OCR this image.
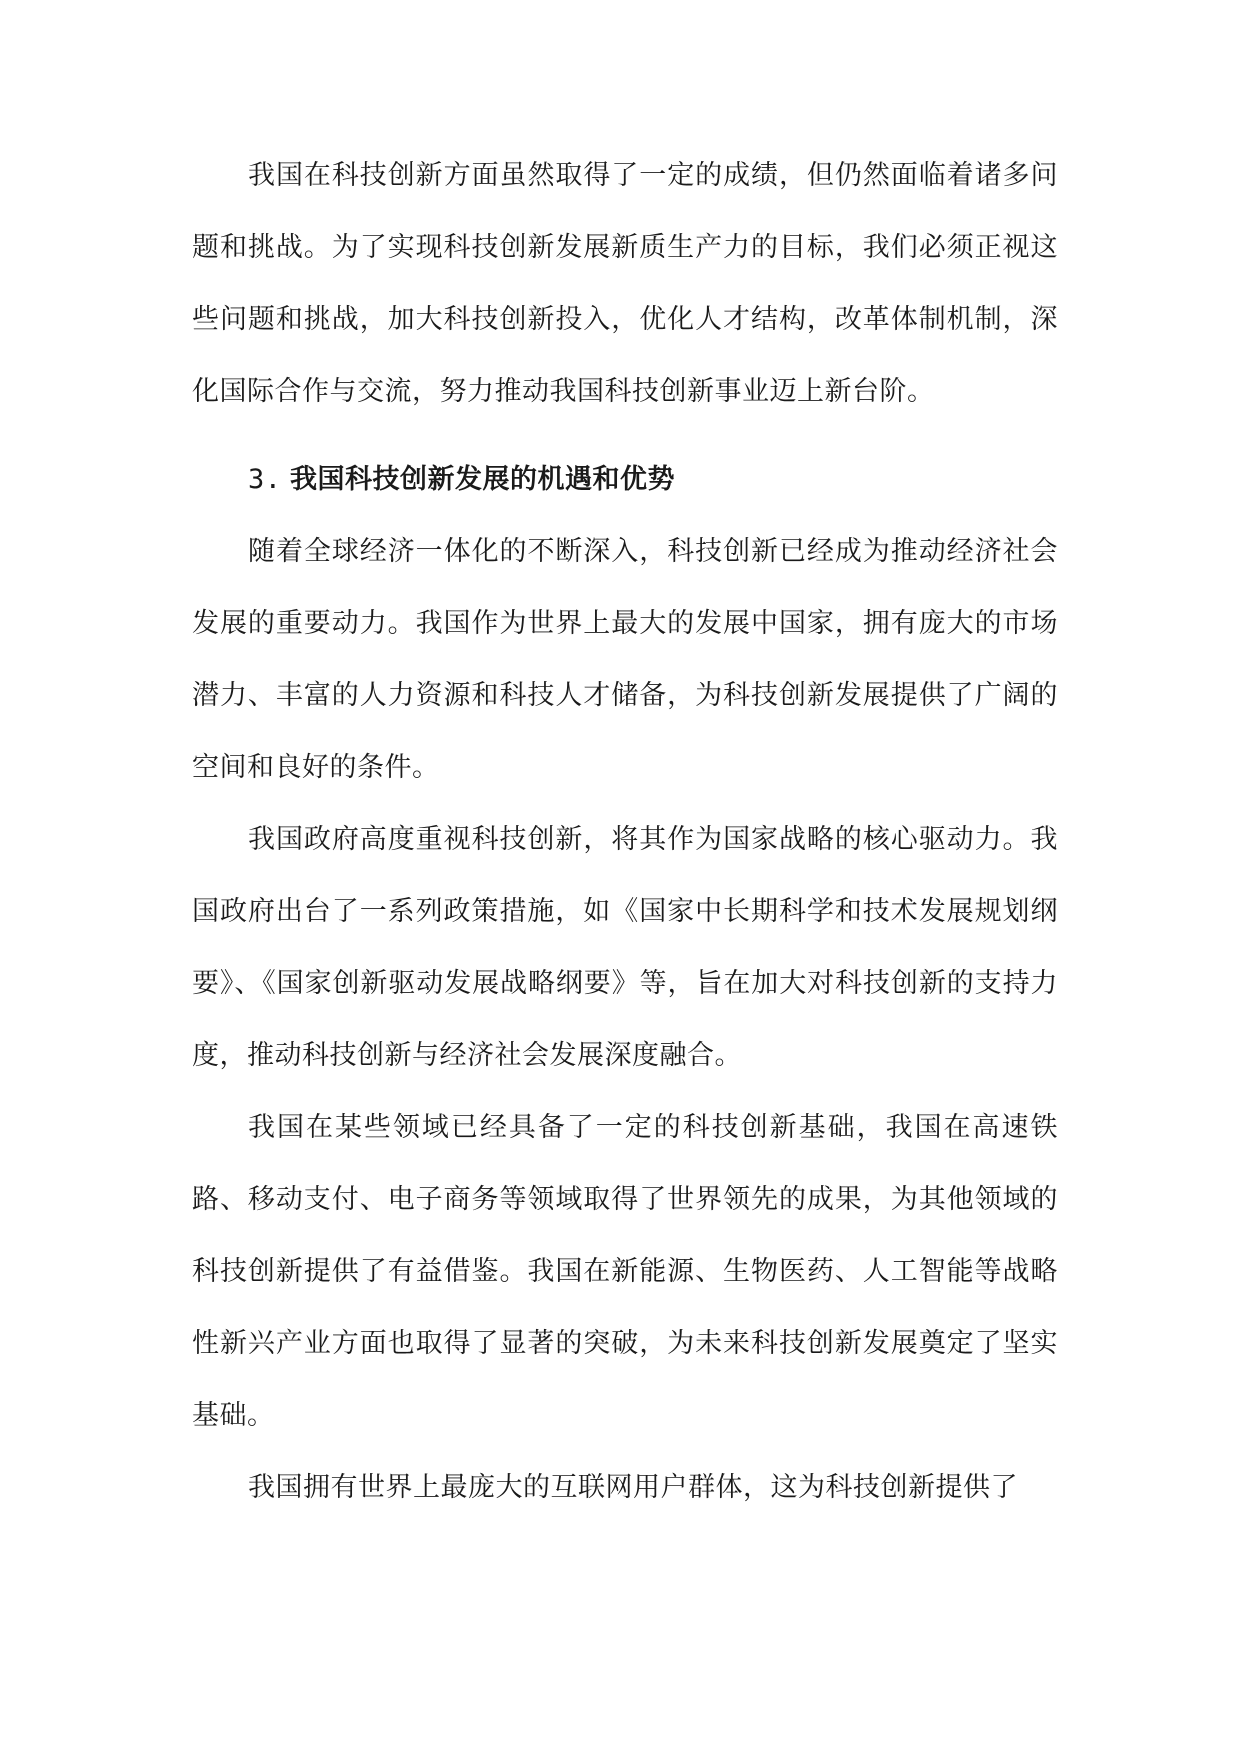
我国在科技创新方面虽然取得了一定的成绩，但仍然面临着诸多问题和挑战。为了实现科技创新发展新质生产力的目标，我们必须正视这些问题和挑战，加大科技创新投入，优化人才结构，改革体制机制，深化国际合作与交流，努力推动我国科技创新事业迈上新台阶。

3. 我国科技创新发展的机遇和优势

随着全球经济一体化的不断深入，科技创新已经成为推动经济社会发展的重要动力。我国作为世界上最大的发展中国家，拥有庞大的市场潜力、丰富的人力资源和科技人才储备，为科技创新发展提供了广阔的空间和良好的条件。

我国政府高度重视科技创新，将其作为国家战略的核心驱动力。我国政府出台了一系列政策措施，如《国家中长期科学和技术发展规划纲要》、《国家创新驱动发展战略纲要》等，旨在加大对科技创新的支持力度，推动科技创新与经济社会发展深度融合。

我国在某些领域已经具备了一定的科技创新基础，我国在高速铁路、移动支付、电子商务等领域取得了世界领先的成果，为其他领域的科技创新提供了有益借鉴。我国在新能源、生物医药、人工智能等战略性新兴产业方面也取得了显著的突破，为未来科技创新发展奠定了坚实基础。

我国拥有世界上最庞大的互联网用户群体，这为科技创新提供了
